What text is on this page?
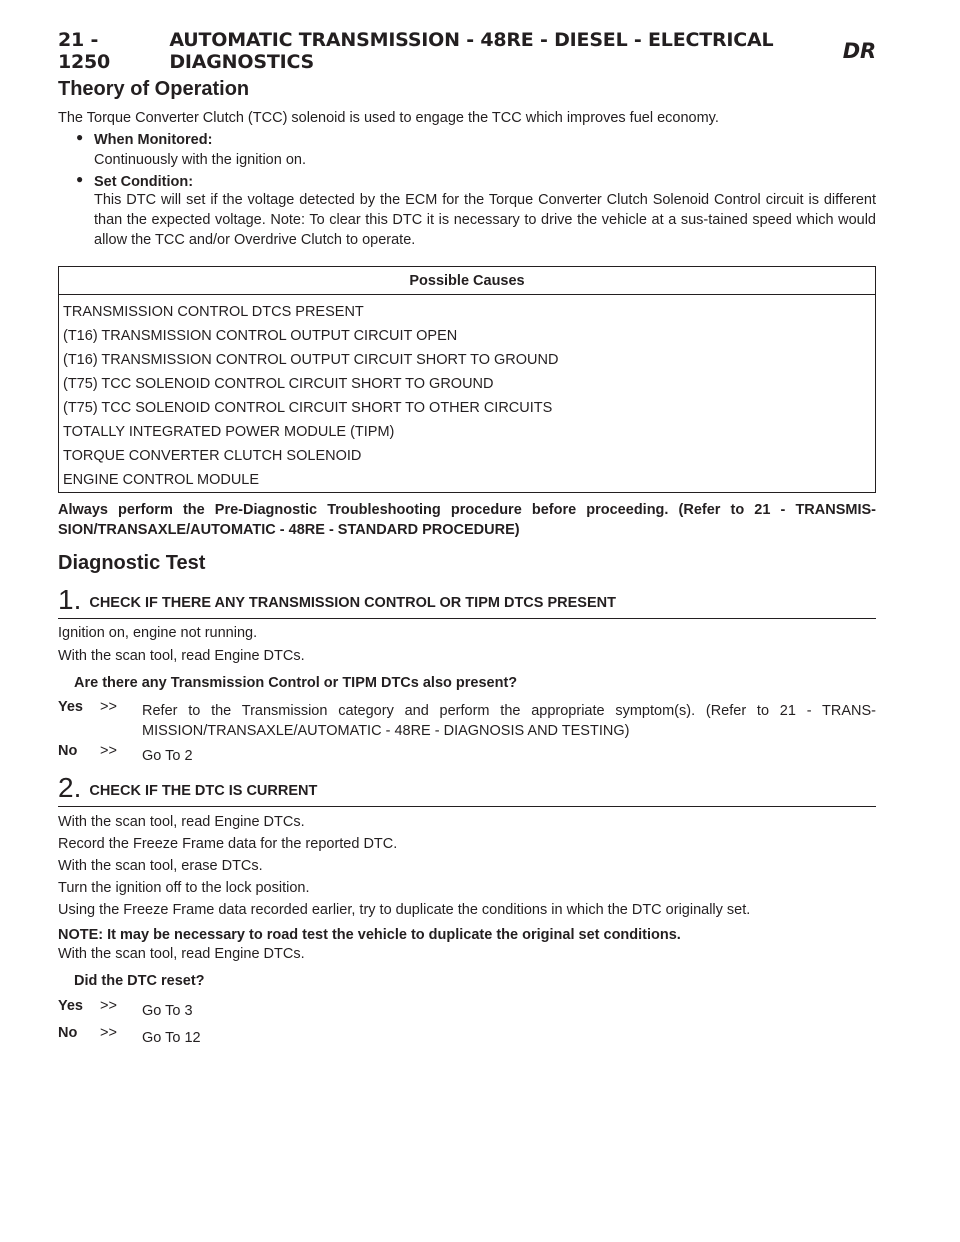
21 - 1250
AUTOMATIC TRANSMISSION - 48RE - DIESEL - ELECTRICAL DIAGNOSTICS	DR
Theory of Operation

The Torque Converter Clutch (TCC) solenoid is used to engage the TCC which improves fuel economy.

● When Monitored:

Continuously with the ignition on.

● Set Condition:

This DTC will set if the voltage detected by the ECM for the Torque Converter Clutch Solenoid Control circuit is different than the expected voltage. Note: To clear this DTC it is necessary to drive the vehicle at a sus-tained speed which would allow the TCC and/or Overdrive Clutch to operate.

Possible Causes
TRANSMISSION CONTROL DTCS PRESENT
(T16) TRANSMISSION CONTROL OUTPUT CIRCUIT OPEN
(T16) TRANSMISSION CONTROL OUTPUT CIRCUIT SHORT TO GROUND
(T75) TCC SOLENOID CONTROL CIRCUIT SHORT TO GROUND
(T75) TCC SOLENOID CONTROL CIRCUIT SHORT TO OTHER CIRCUITS
TOTALLY INTEGRATED POWER MODULE (TIPM)
TORQUE CONVERTER CLUTCH SOLENOID
ENGINE CONTROL MODULE

Always perform the Pre-Diagnostic Troubleshooting procedure before proceeding. (Refer to 21 - TRANSMIS-SION/TRANSAXLE/AUTOMATIC - 48RE - STANDARD PROCEDURE)

Diagnostic Test
1. CHECK IF THERE ANY TRANSMISSION CONTROL OR TIPM DTCS PRESENT

Ignition on, engine not running.

With the scan tool, read Engine DTCs.

Are there any Transmission Control or TIPM DTCs also present?

Yes >> Refer to the Transmission category and perform the appropriate symptom(s). (Refer to 21 - TRANS-MISSION/TRANSAXLE/AUTOMATIC - 48RE - DIAGNOSIS AND TESTING)
No >> Go To 2
2. CHECK IF THE DTC IS CURRENT

With the scan tool, read Engine DTCs.

Record the Freeze Frame data for the reported DTC.

With the scan tool, erase DTCs.

Turn the ignition off to the lock position.

Using the Freeze Frame data recorded earlier, try to duplicate the conditions in which the DTC originally set.

NOTE: It may be necessary to road test the vehicle to duplicate the original set conditions.

With the scan tool, read Engine DTCs.

Did the DTC reset?

Yes >> Go To 3
No >> Go To 12
